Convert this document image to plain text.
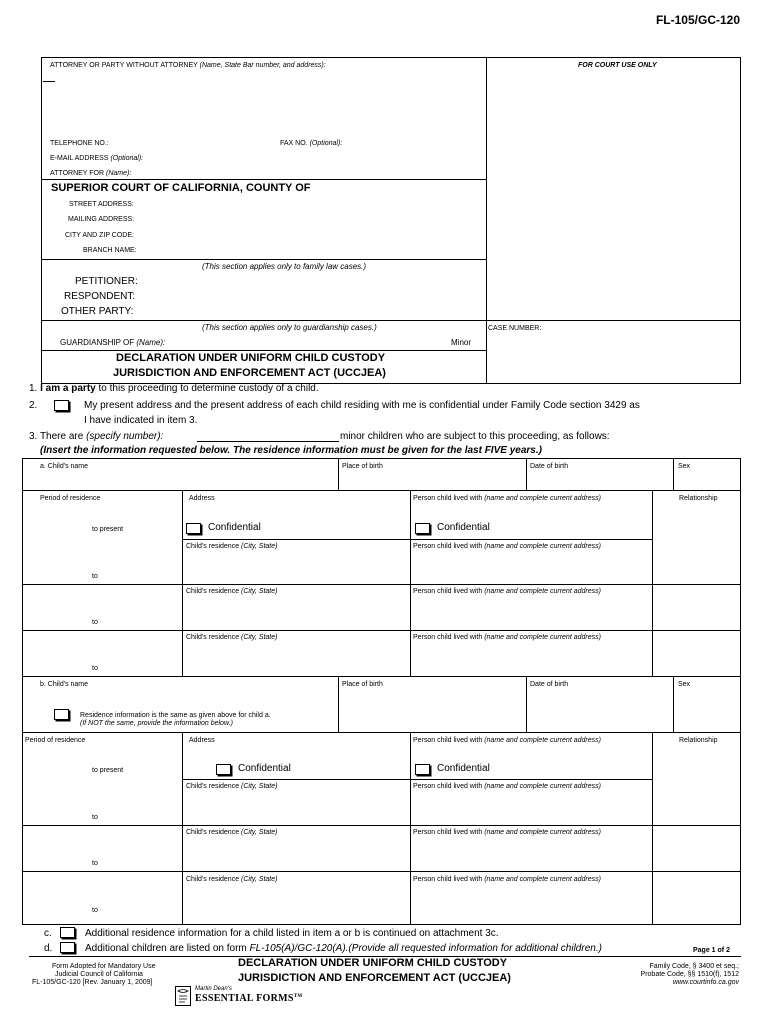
FL-105/GC-120
ATTORNEY OR PARTY WITHOUT ATTORNEY (Name, State Bar number, and address):	FOR COURT USE ONLY
TELEPHONE NO.:	FAX NO. (Optional):
E-MAIL ADDRESS (Optional):
ATTORNEY FOR (Name):
SUPERIOR COURT OF CALIFORNIA, COUNTY OF
STREET ADDRESS:
MAILING ADDRESS:
CITY AND ZIP CODE:
BRANCH NAME:
(This section applies only to family law cases.)
PETITIONER:
RESPONDENT:
OTHER PARTY:
(This section applies only to guardianship cases.)	CASE NUMBER:
GUARDIANSHIP OF (Name):	Minor
DECLARATION UNDER UNIFORM CHILD CUSTODY
JURISDICTION AND ENFORCEMENT ACT (UCCJEA)
1. I am a party to this proceeding to determine custody of a child.
2.	My present address and the present address of each child residing with me is confidential under Family Code section 3429 as
I have indicated in item 3.
3. There are (specify number):	minor children who are subject to this proceeding, as follows:
(Insert the information requested below. The residence information must be given for the last FIVE years.)
a. Child's name	Place of birth	Date of birth	Sex
Period of residence	Address	Person child lived with (name and complete current address)	Relationship
to present	Confidential	Confidential
Child's residence (City, State)	Person child lived with (name and complete current address)
to
Child's residence (City, State)	Person child lived with (name and complete current address)
to
Child's residence (City, State)	Person child lived with (name and complete current address)
to
b. Child's name	Place of birth	Date of birth	Sex
Residence information is the same as given above for child a.
(If NOT the same, provide the information below.)
Period of residence	Address	Person child lived with (name and complete current address)	Relationship
to present	Confidential	Confidential
Child's residence (City, State)	Person child lived with (name and complete current address)
to
Child's residence (City, State)	Person child lived with (name and complete current address)
to
Child's residence (City, State)	Person child lived with (name and complete current address)
to
c.	Additional residence information for a child listed in item a or b is continued on attachment 3c.
d.	Additional children are listed on form FL-105(A)/GC-120(A).(Provide all requested information for additional children.)	Page 1 of 2
Form Adopted for Mandatory Use
Judicial Council of California
FL-105/GC-120 [Rev. January 1, 2009]
DECLARATION UNDER UNIFORM CHILD CUSTODY
JURISDICTION AND ENFORCEMENT ACT (UCCJEA)
Family Code, § 3400 et seq.;
Probate Code, §§ 1510(f), 1512
www.courtinfo.ca.gov
Martin Dean's
ESSENTIAL FORMS™
